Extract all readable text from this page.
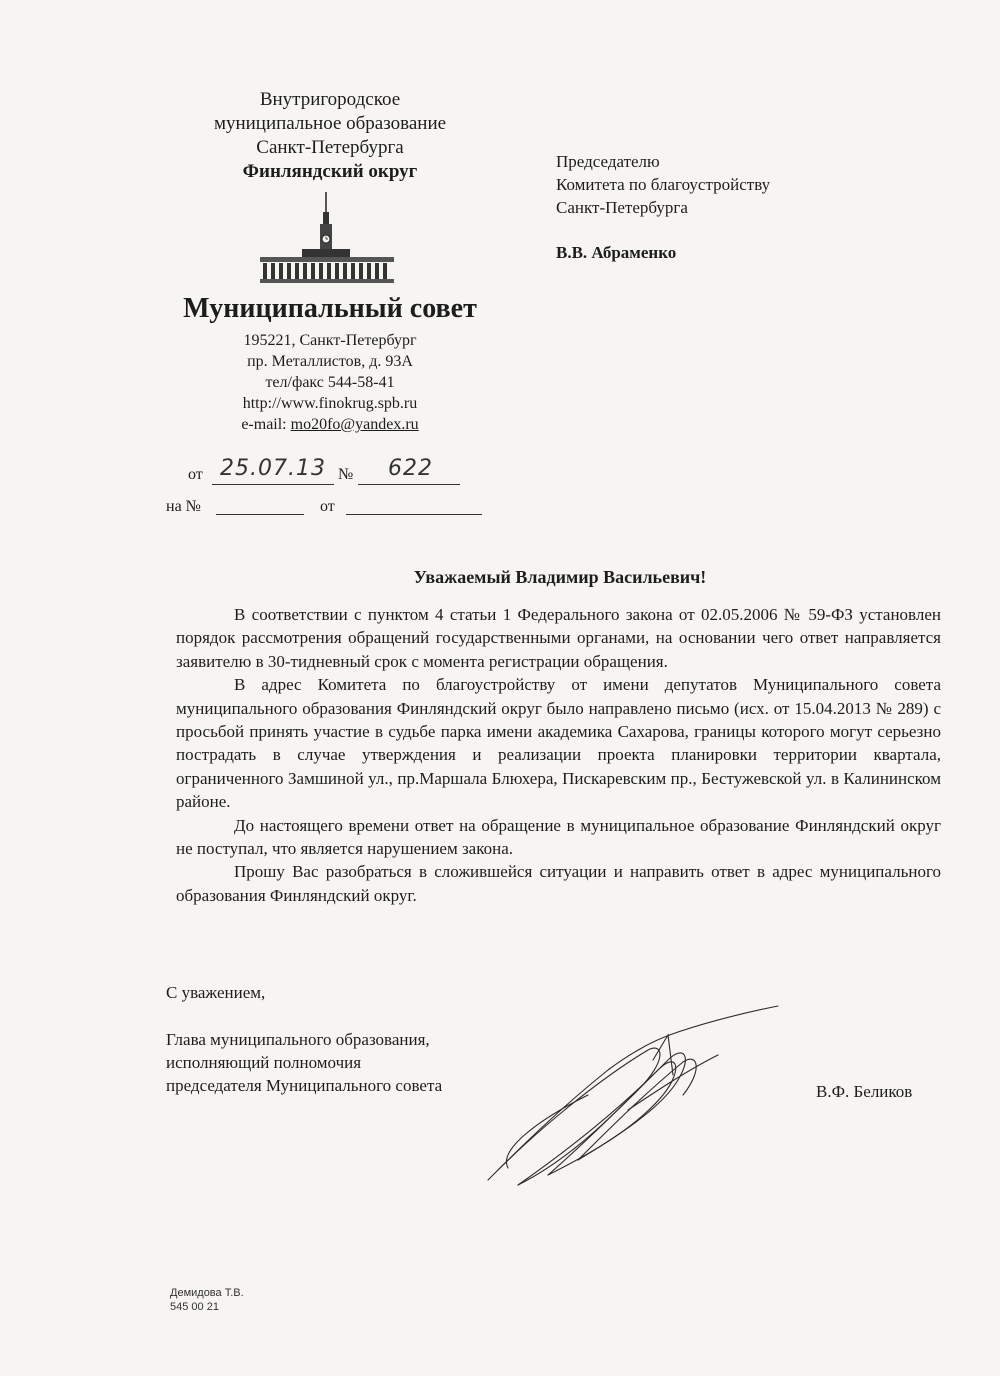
Внутригородское
муниципальное образование
Санкт-Петербурга
Финляндский округ
Муниципальный совет
195221, Санкт-Петербург
пр. Металлистов, д. 93А
тел/факс 544-58-41
http://www.finokrug.spb.ru
e-mail: mo20fo@yandex.ru
от 25.07.13 № 622
на №	от
Председателю
Комитета по благоустройству
Санкт-Петербурга
В.В. Абраменко
Уважаемый Владимир Васильевич!

В соответствии с пунктом 4 статьи 1 Федерального закона от 02.05.2006 № 59-ФЗ установлен порядок рассмотрения обращений государственными органами, на основании чего ответ направляется заявителю в 30-тидневный срок с момента регистрации обращения.

В адрес Комитета по благоустройству от имени депутатов Муниципального совета муниципального образования Финляндский округ было направлено письмо (исх. от 15.04.2013 № 289) с просьбой принять участие в судьбе парка имени академика Сахарова, границы которого могут серьезно пострадать в случае утверждения и реализации проекта планировки территории квартала, ограниченного Замшиной ул., пр.Маршала Блюхера, Пискаревским пр., Бестужевской ул. в Калининском районе.

До настоящего времени ответ на обращение в муниципальное образование Финляндский округ не поступал, что является нарушением закона.

Прошу Вас разобраться в сложившейся ситуации и направить ответ в адрес муниципального образования Финляндский округ.

С уважением,
Глава муниципального образования,
исполняющий полномочия
председателя Муниципального совета	В.Ф. Беликов
Демидова Т.В.
545 00 21
